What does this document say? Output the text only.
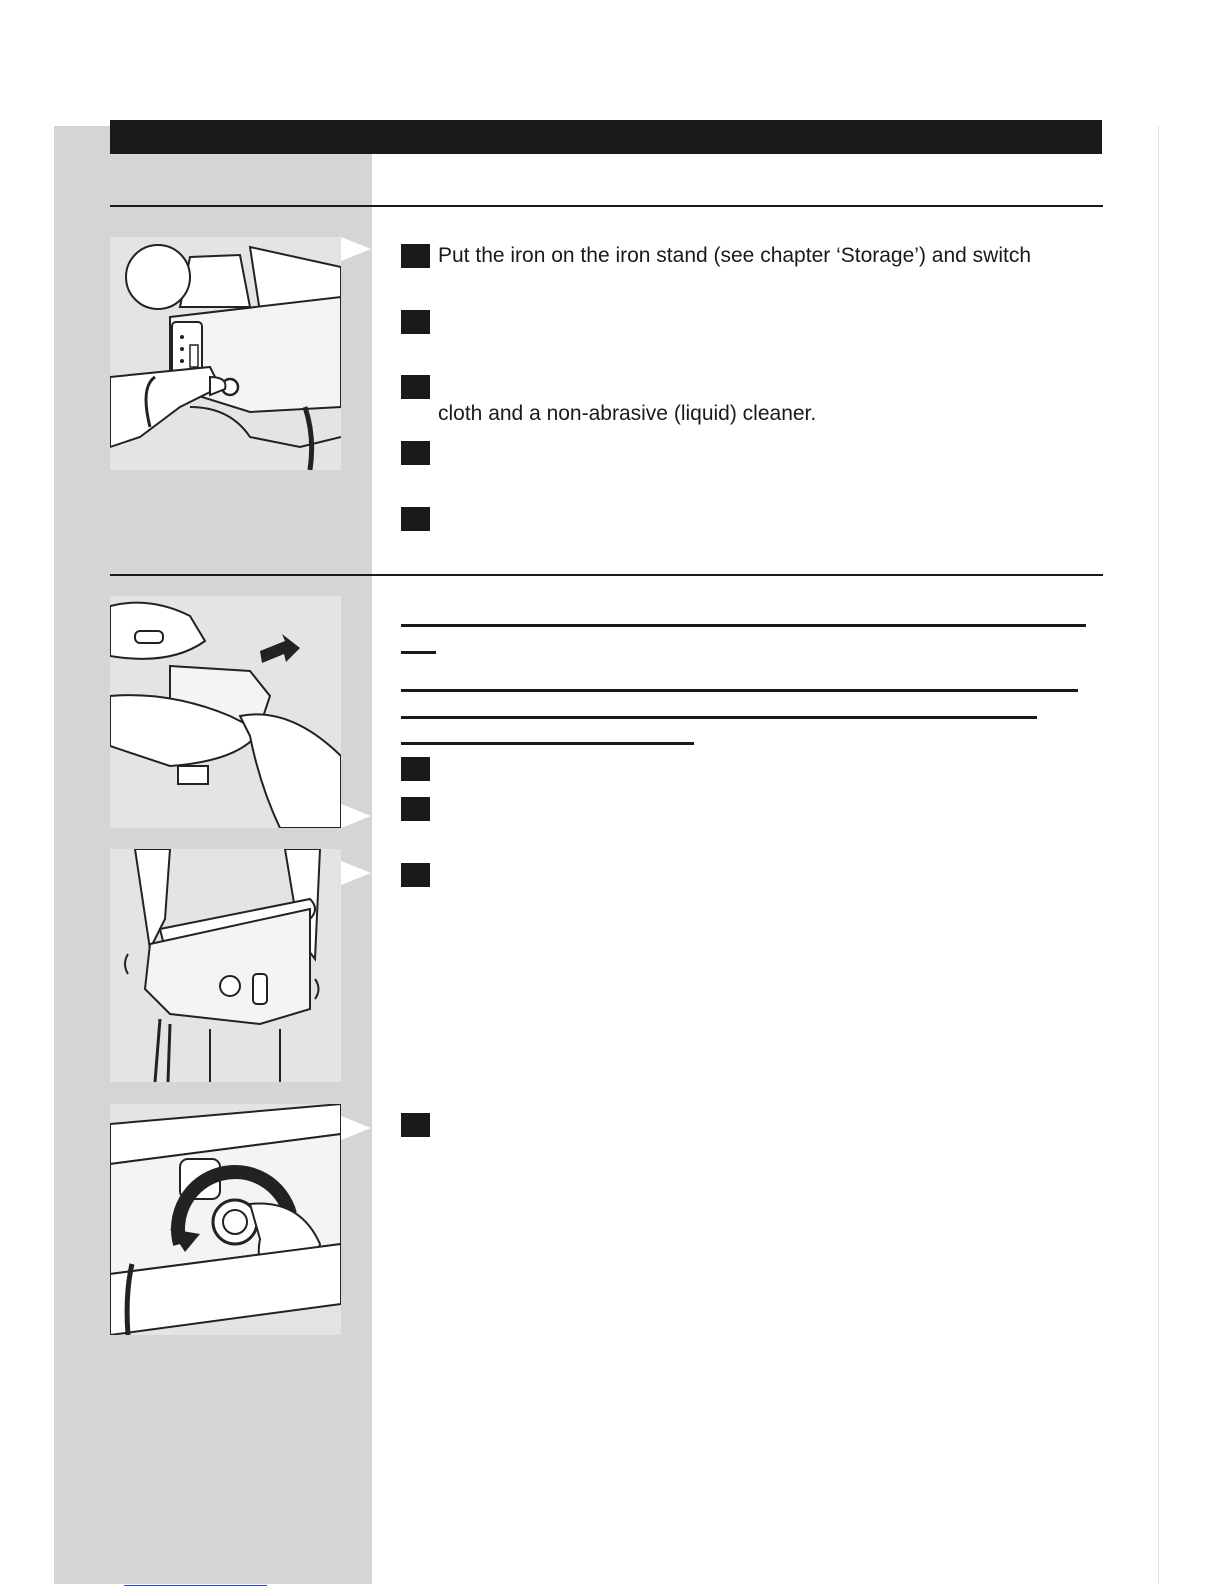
Put the iron on the iron stand (see chapter ‘Storage’) and switch
cloth and a non-abrasive (liquid) cleaner.
